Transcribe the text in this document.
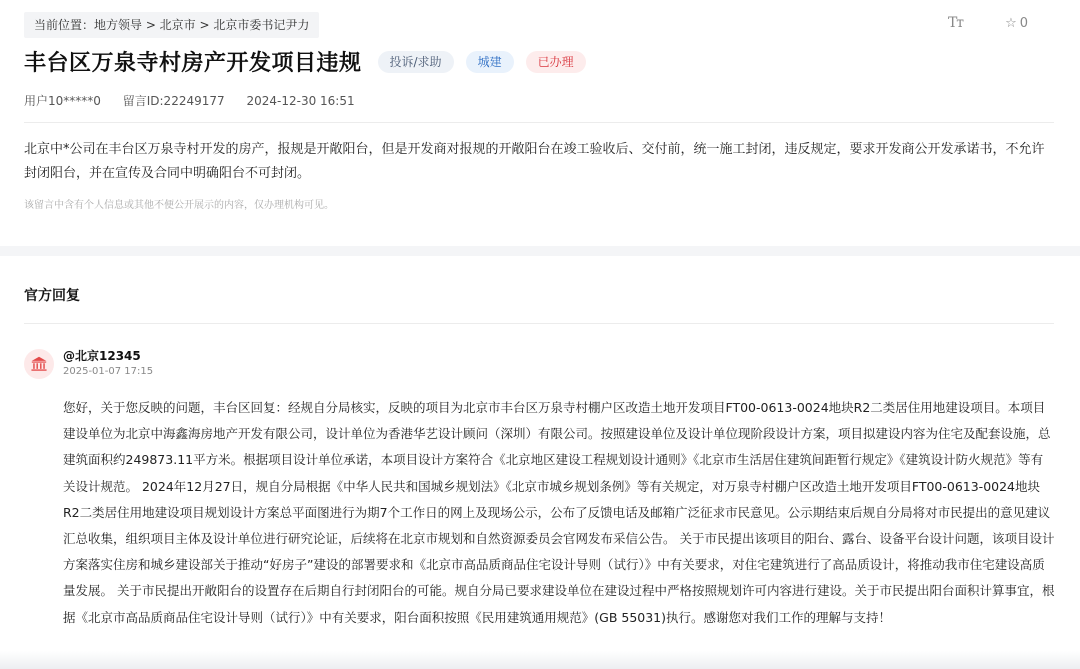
当前位置：地方领导 > 北京市 > 北京市委书记尹力	Tт	☆ 0
丰台区万泉寺村房产开发项目违规	投诉/求助	城建	已办理
用户10*****0 留言ID:22249177 2024-12-30 16:51

北京中*公司在丰台区万泉寺村开发的房产，报规是开敞阳台，但是开发商对报规的开敞阳台在竣工验收后、交付前，统一施工封闭，违反规定，要求开发商公开发承诺书，不允许封闭阳台，并在宣传及合同中明确阳台不可封闭。

该留言中含有个人信息或其他不便公开展示的内容，仅办理机构可见。
官方回复
@北京12345
2025-01-07 17:15

您好，关于您反映的问题，丰台区回复：经规自分局核实，反映的项目为北京市丰台区万泉寺村棚户区改造土地开发项目FT00-0613-0024地块R2二类居住用地建设项目。本项目建设单位为北京中海鑫海房地产开发有限公司，设计单位为香港华艺设计顾问（深圳）有限公司。按照建设单位及设计单位现阶段设计方案，项目拟建设内容为住宅及配套设施，总建筑面积约249873.11平方米。根据项目设计单位承诺，本项目设计方案符合《北京地区建设工程规划设计通则》《北京市生活居住建筑间距暂行规定》《建筑设计防火规范》等有关设计规范。 2024年12月27日，规自分局根据《中华人民共和国城乡规划法》《北京市城乡规划条例》等有关规定，对万泉寺村棚户区改造土地开发项目FT00-0613-0024地块R2二类居住用地建设项目规划设计方案总平面图进行为期7个工作日的网上及现场公示，公布了反馈电话及邮箱广泛征求市民意见。公示期结束后规自分局将对市民提出的意见建议汇总收集，组织项目主体及设计单位进行研究论证，后续将在北京市规划和自然资源委员会官网发布采信公告。 关于市民提出该项目的阳台、露台、设备平台设计问题，该项目设计方案落实住房和城乡建设部关于推动“好房子”建设的部署要求和《北京市高品质商品住宅设计导则（试行）》中有关要求，对住宅建筑进行了高品质设计，将推动我市住宅建设高质量发展。 关于市民提出开敞阳台的设置存在后期自行封闭阳台的可能。规自分局已要求建设单位在建设过程中严格按照规划许可内容进行建设。关于市民提出阳台面积计算事宜，根据《北京市高品质商品住宅设计导则（试行）》中有关要求，阳台面积按照《民用建筑通用规范》(GB 55031)执行。感谢您对我们工作的理解与支持！
